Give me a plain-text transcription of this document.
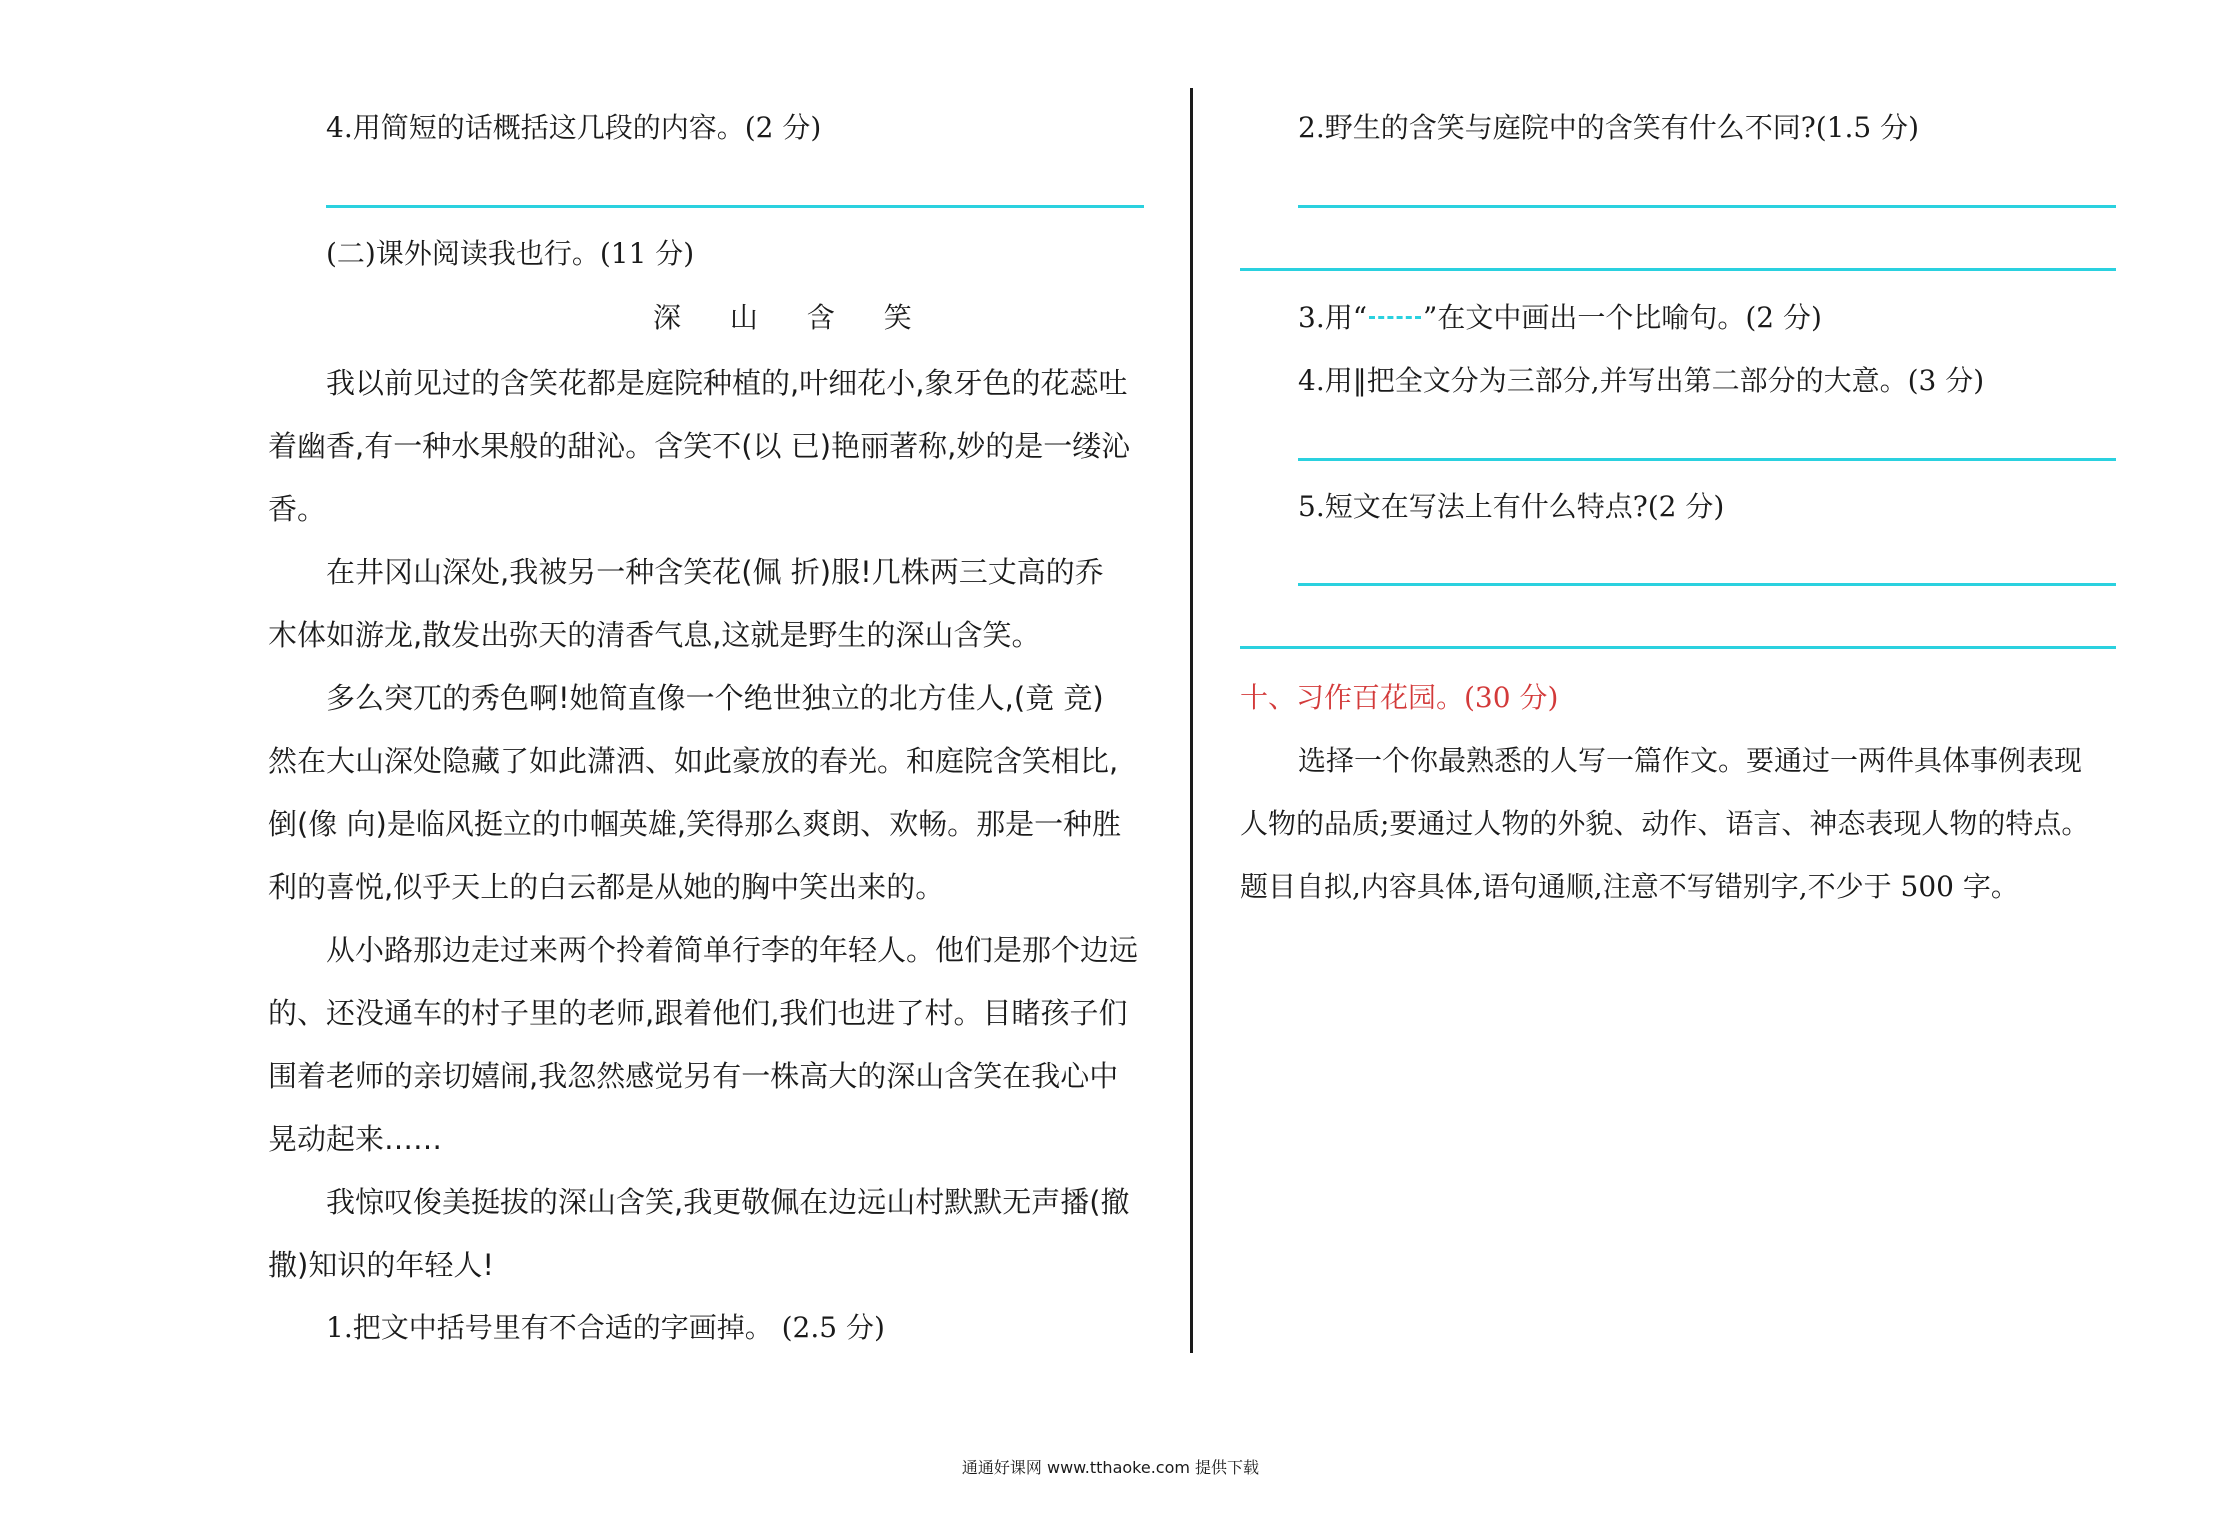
4.用简短的话概括这几段的内容。(2 分)
(二)课外阅读我也行。(11 分)
深 山 含 笑
我以前见过的含笑花都是庭院种植的,叶细花小,象牙色的花蕊吐
着幽香,有一种水果般的甜沁。含笑不(以 已)艳丽著称,妙的是一缕沁
香。
在井冈山深处,我被另一种含笑花(佩 折)服!几株两三丈高的乔
木体如游龙,散发出弥天的清香气息,这就是野生的深山含笑。
多么突兀的秀色啊!她简直像一个绝世独立的北方佳人,(竟 竞)
然在大山深处隐藏了如此潇洒、如此豪放的春光。和庭院含笑相比,
倒(像 向)是临风挺立的巾帼英雄,笑得那么爽朗、欢畅。那是一种胜
利的喜悦,似乎天上的白云都是从她的胸中笑出来的。
从小路那边走过来两个拎着简单行李的年轻人。他们是那个边远
的、还没通车的村子里的老师,跟着他们,我们也进了村。目睹孩子们
围着老师的亲切嬉闹,我忽然感觉另有一株高大的深山含笑在我心中
晃动起来……
我惊叹俊美挺拔的深山含笑,我更敬佩在边远山村默默无声播(撤
撒)知识的年轻人!
1.把文中括号里有不合适的字画掉。 (2.5 分)
2.野生的含笑与庭院中的含笑有什么不同?(1.5 分)
3.用“ ”在文中画出一个比喻句。(2 分)
4.用‖把全文分为三部分,并写出第二部分的大意。(3 分)
5.短文在写法上有什么特点?(2 分)
十、习作百花园。(30 分)
选择一个你最熟悉的人写一篇作文。要通过一两件具体事例表现
人物的品质;要通过人物的外貌、动作、语言、神态表现人物的特点。
题目自拟,内容具体,语句通顺,注意不写错别字,不少于 500 字。
通通好课网 www.tthaoke.com 提供下载
